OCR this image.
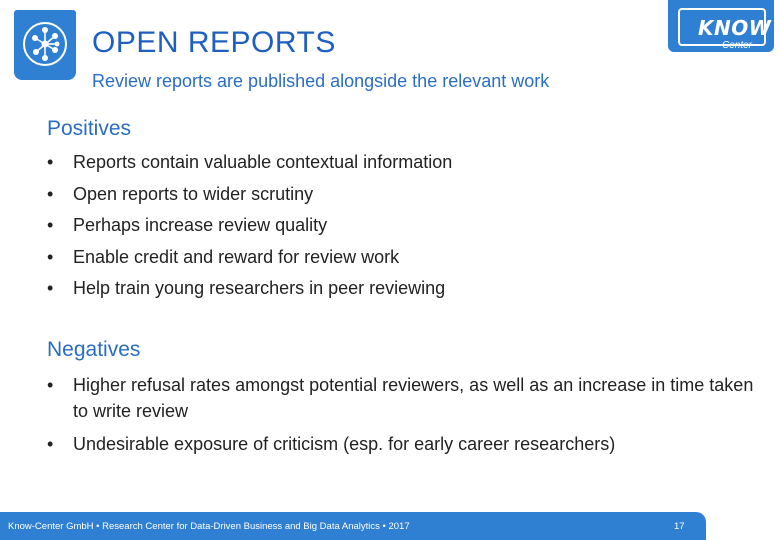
OPEN REPORTS
Review reports are published alongside the relevant work
KNOW
Center
Positives
• Reports contain valuable contextual information
• Open reports to wider scrutiny
• Perhaps increase review quality
• Enable credit and reward for review work
• Help train young researchers in peer reviewing
Negatives
• Higher refusal rates amongst potential reviewers, as well as an increase in time taken to write review
• Undesirable exposure of criticism (esp. for early career researchers)
Know-Center GmbH • Research Center for Data-Driven Business and Big Data Analytics • 2017	17
